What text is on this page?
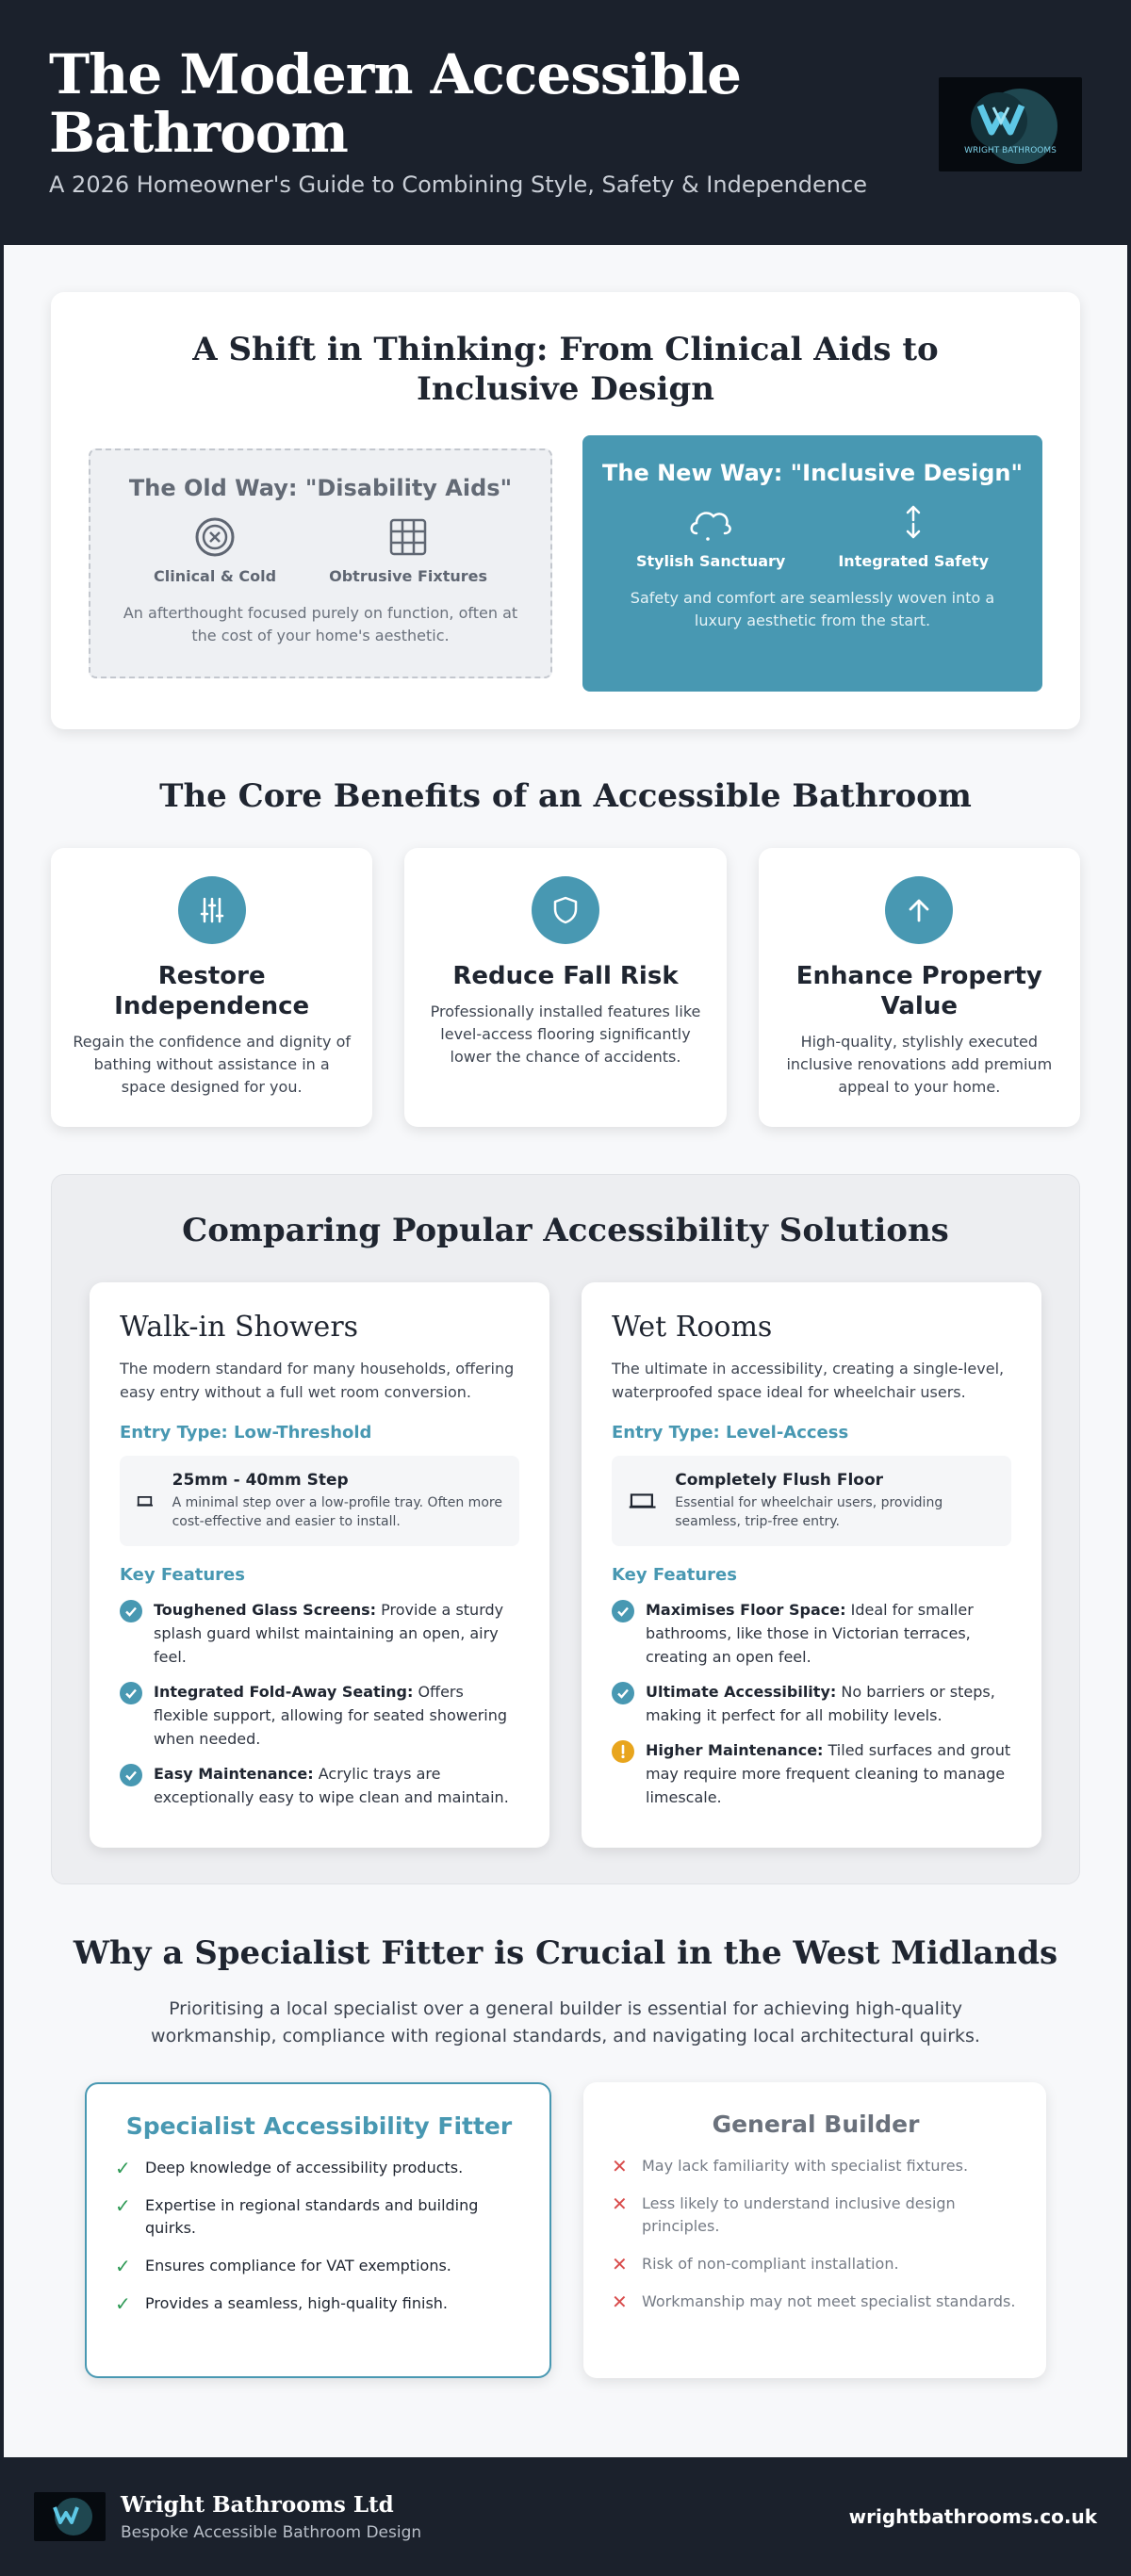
The Modern Accessible Bathroom
A 2026 Homeowner's Guide to Combining Style, Safety & Independence
WRIGHT BATHROOMS
A Shift in Thinking: From Clinical Aids to Inclusive Design
The Old Way: "Disability Aids"
Clinical & Cold	Obtrusive Fixtures
An afterthought focused purely on function, often at the cost of your home's aesthetic.
The New Way: "Inclusive Design"
Stylish Sanctuary	Integrated Safety
Safety and comfort are seamlessly woven into a luxury aesthetic from the start.
The Core Benefits of an Accessible Bathroom
Restore Independence
Regain the confidence and dignity of bathing without assistance in a space designed for you.
Reduce Fall Risk
Professionally installed features like level-access flooring significantly lower the chance of accidents.
Enhance Property Value
High-quality, stylishly executed inclusive renovations add premium appeal to your home.
Comparing Popular Accessibility Solutions
Walk-in Showers
The modern standard for many households, offering easy entry without a full wet room conversion.
Entry Type: Low-Threshold
25mm - 40mm Step
A minimal step over a low-profile tray. Often more cost-effective and easier to install.
Key Features
Toughened Glass Screens: Provide a sturdy splash guard whilst maintaining an open, airy feel.
Integrated Fold-Away Seating: Offers flexible support, allowing for seated showering when needed.
Easy Maintenance: Acrylic trays are exceptionally easy to wipe clean and maintain.
Wet Rooms
The ultimate in accessibility, creating a single-level, waterproofed space ideal for wheelchair users.
Entry Type: Level-Access
Completely Flush Floor
Essential for wheelchair users, providing seamless, trip-free entry.
Key Features
Maximises Floor Space: Ideal for smaller bathrooms, like those in Victorian terraces, creating an open feel.
Ultimate Accessibility: No barriers or steps, making it perfect for all mobility levels.
Higher Maintenance: Tiled surfaces and grout may require more frequent cleaning to manage limescale.
Why a Specialist Fitter is Crucial in the West Midlands

Prioritising a local specialist over a general builder is essential for achieving high-quality workmanship, compliance with regional standards, and navigating local architectural quirks.

Specialist Accessibility Fitter
✓ Deep knowledge of accessibility products.
✓ Expertise in regional standards and building quirks.
✓ Ensures compliance for VAT exemptions.
✓ Provides a seamless, high-quality finish.
General Builder
✕ May lack familiarity with specialist fixtures.
✕ Less likely to understand inclusive design principles.
✕ Risk of non-compliant installation.
✕ Workmanship may not meet specialist standards.
Wright Bathrooms Ltd
Bespoke Accessible Bathroom Design
wrightbathrooms.co.uk
